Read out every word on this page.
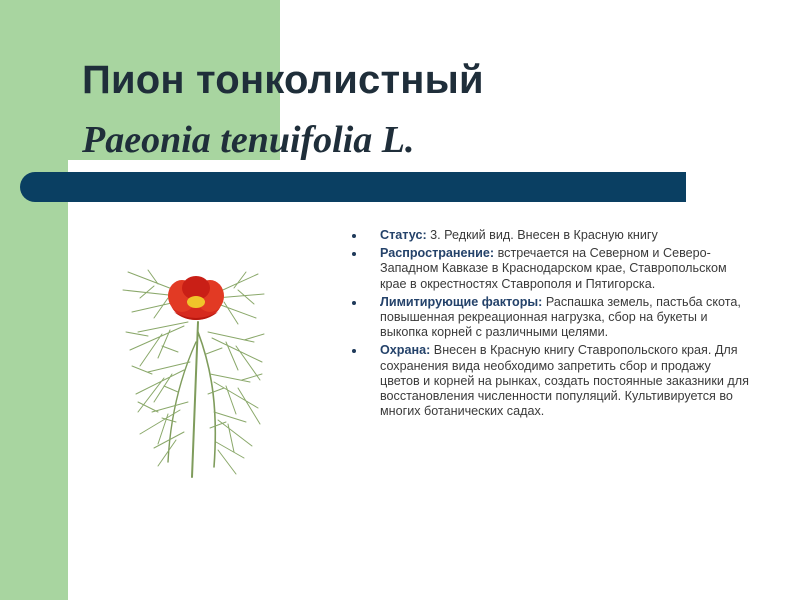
Пион тонколистный
Paeonia tenuifolia L.
Статус: 3. Редкий вид. Внесен в Красную книгу
Распространение: встречается на Северном и Северо-Западном Кавказе в Краснодарском крае, Ставропольском крае в окрестностях Ставрополя и Пятигорска.
Лимитирующие факторы: Распашка земель, пастьба скота, повышенная рекреационная нагрузка, сбор на букеты и выкопка корней с различными целями.
Охрана: Внесен в Красную книгу Ставропольского края. Для сохранения вида необходимо запретить сбор и продажу цветов и корней на рынках, создать постоянные заказники для восстановления численности популяций. Культивируется во многих ботанических садах.
